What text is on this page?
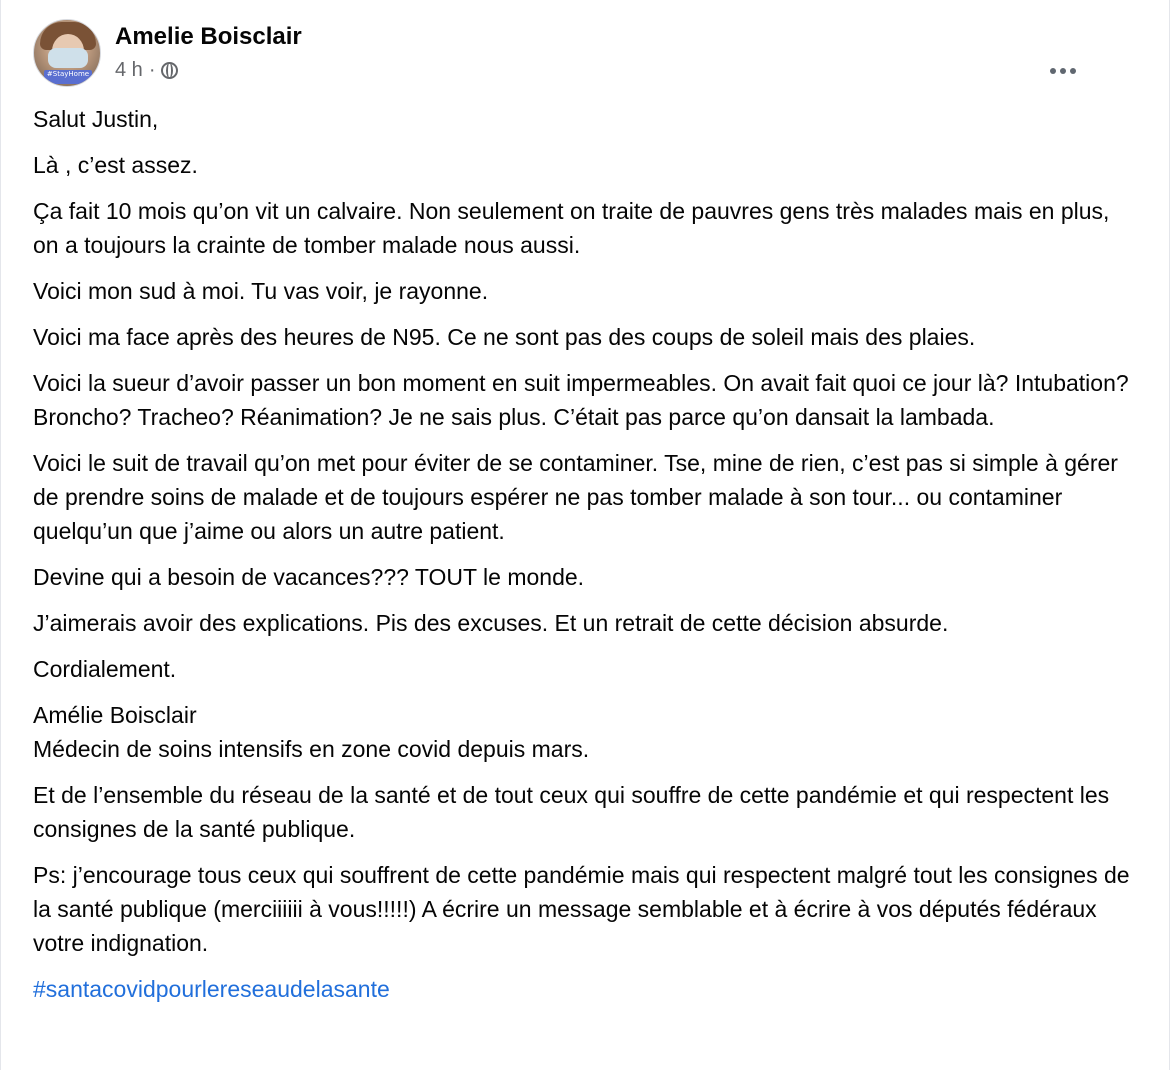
#StayHome
Amelie Boisclair
4 h ·

Salut Justin,

Là , c’est assez.

Ça fait 10 mois qu’on vit un calvaire. Non seulement on traite de pauvres gens très malades mais en plus, on a toujours la crainte de tomber malade nous aussi.

Voici mon sud à moi. Tu vas voir, je rayonne.

Voici ma face après des heures de N95. Ce ne sont pas des coups de soleil mais des plaies.

Voici la sueur d’avoir passer un bon moment en suit impermeables. On avait fait quoi ce jour là? Intubation? Broncho? Tracheo? Réanimation? Je ne sais plus. C’était pas parce qu’on dansait la lambada.

Voici le suit de travail qu’on met pour éviter de se contaminer. Tse, mine de rien, c’est pas si simple à gérer de prendre soins de malade et de toujours espérer ne pas tomber malade à son tour... ou contaminer quelqu’un que j’aime ou alors un autre patient.

Devine qui a besoin de vacances??? TOUT le monde.

J’aimerais avoir des explications. Pis des excuses. Et un retrait de cette décision absurde.

Cordialement.

Amélie Boisclair
Médecin de soins intensifs en zone covid depuis mars.

Et de l’ensemble du réseau de la santé et de tout ceux qui souffre de cette pandémie et qui respectent les consignes de la santé publique.

Ps: j’encourage tous ceux qui souffrent de cette pandémie mais qui respectent malgré tout les consignes de la santé publique (merciiiiii à vous!!!!!) A écrire un message semblable et à écrire à vos députés fédéraux votre indignation.

#santacovidpourlereseaudelasante
